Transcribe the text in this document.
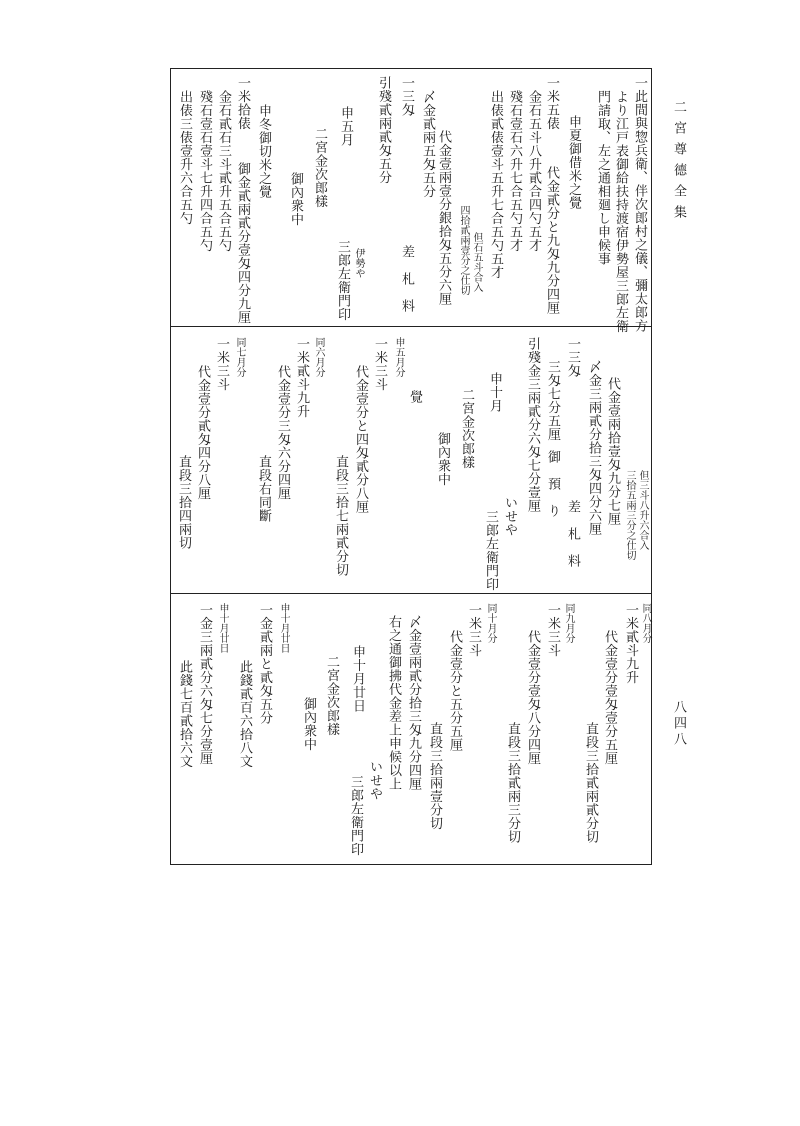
二宮尊德全集
八四八
一此間與惣兵衛、伴次郎村之儀、彌太郎方
より江戸表御給扶持渡宿伊勢屋三郎左衛
門請取、左之通相廻し申候事
申夏御借米之覺
一米五俵
代金貳分と九匁九分四厘
金石五斗八升貳合四勺五才
殘石壹石六升七合五勺五才
出俵貳俵壹斗五升七合五勺五才
但石五斗合入
四拾貳兩壹分之仕切
〆金貳兩五匁五分 代金壹兩壹分銀拾匁五分六厘
一三匁
差　札　料
引殘貳兩貳匁五分
申五月
伊勢や
三郎左衛門印
二宮金次郎樣
御內衆中
申冬御切米之覺
一米拾俵
御金貳兩貳分壹匁四分九厘
金石貳石三斗貳升五合五勺
殘石壹石壹斗七升四合五勺
出俵三俵壹升六合五勺
代金壹兩拾壹匁九分七厘 但三斗八升六合入
三拾五兩三分之仕切
〆金三兩貳分拾三匁四分六厘
一三匁
差　札　料
三匁七分五厘
御　預　り
引殘金三兩貳分六匁七分壹厘
申十月
いせや
三郎左衛門印
二宮金次郎樣
御內衆中
覺
申五月分
一米三斗
代金壹分と四匁貳分八厘
直段三拾七兩貳分切
同六月分
一米貳斗九升
代金壹分三匁六分四厘
直段右同斷
同七月分
一米三斗
代金壹分貳匁四分八厘
直段三拾四兩切
同八月分
一米貳斗九升
代金壹分壹匁壹分五厘
直段三拾貳兩貳分切
同九月分
一米三斗
代金壹分壹匁八分四厘
直段三拾貳兩三分切
同十月分
一米三斗
代金壹分と五分五厘
直段三拾兩壹分切
〆金壹兩貳分拾三匁九分四厘
右之通御拂代金差上申候以上
申十月廿日
いせや
三郎左衛門印
二宮金次郎樣
御內衆中
申十月廿日
一金貳兩と貳匁五分
此錢貳百六拾八文
申十月廿日
一金三兩貳分六匁七分壹厘
此錢七百貳拾六文
